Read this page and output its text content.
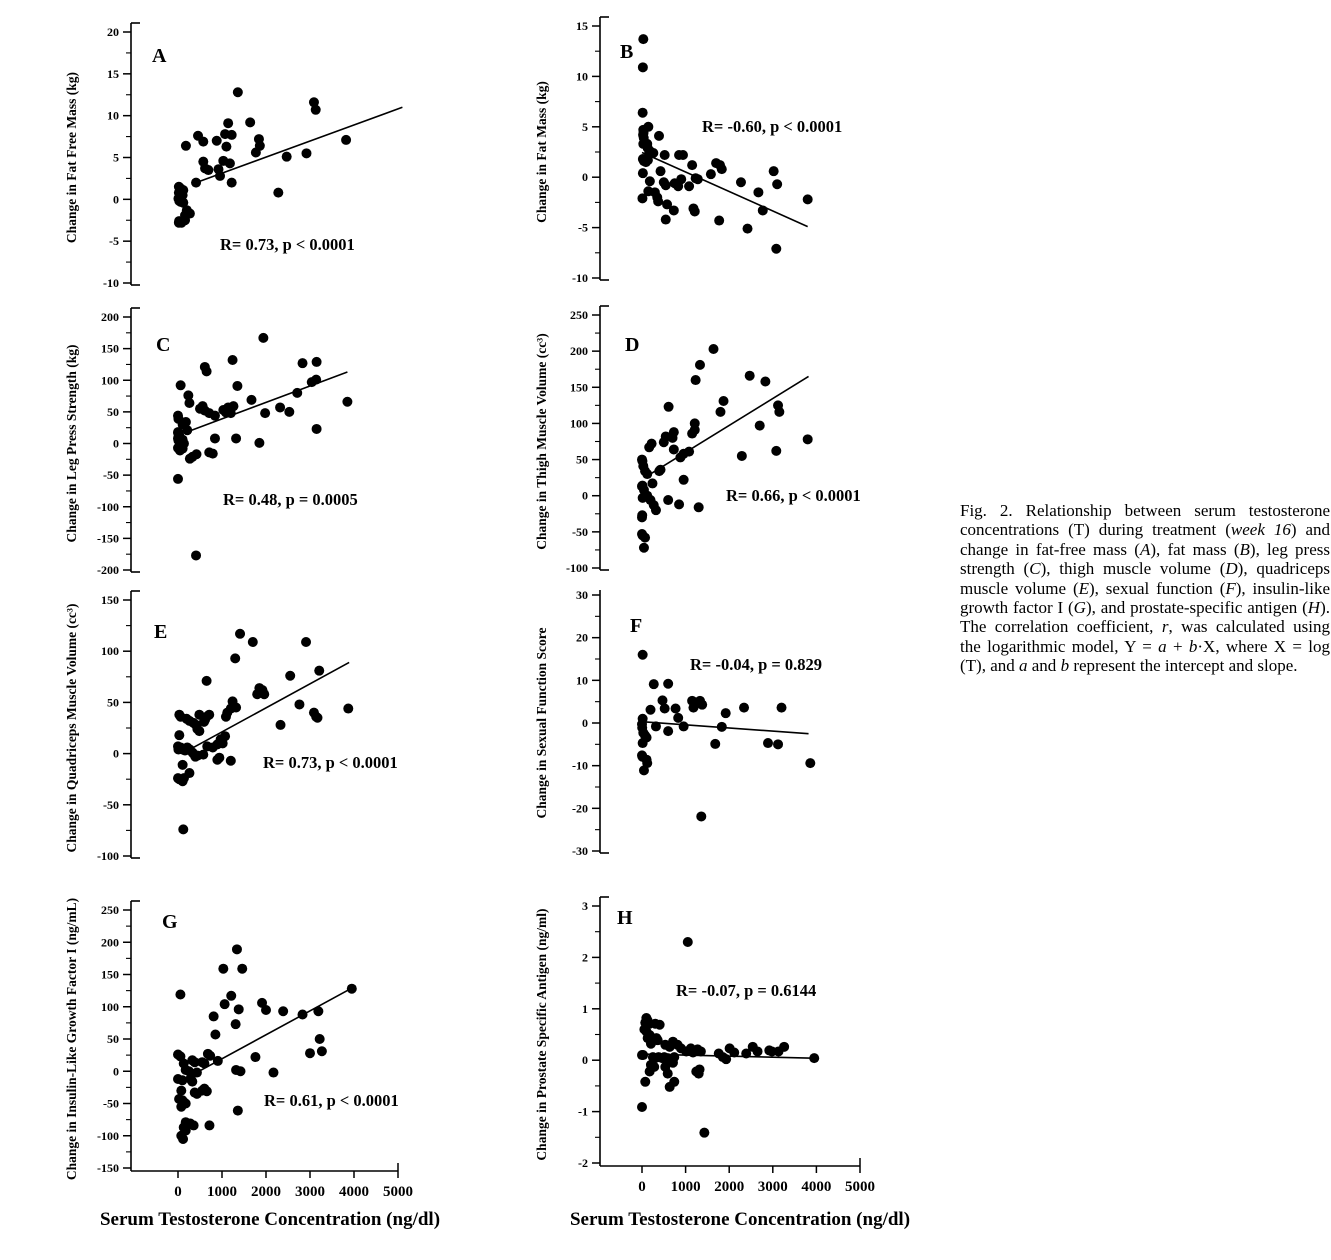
20
15
10
5
0
-5
-10
A
R= 0.73, p < 0.0001
Change in Fat Free Mass (kg)
15
10
5
0
-5
-10
B
R= -0.60, p < 0.0001
Change in Fat Mass (kg)
200
150
100
50
0
-50
-100
-150
-200
C
R= 0.48, p = 0.0005
Change in Leg Press Strength (kg)
250
200
150
100
50
0
-50
-100
D
R= 0.66, p < 0.0001
Change in Thigh Muscle Volume (cc³)
150
100
50
0
-50
-100
E
R= 0.73, p < 0.0001
Change in Quadriceps Muscle Volume (cc³)
30
20
10
0
-10
-20
-30
F
R= -0.04, p = 0.829
Change in Sexual Function Score
250
200
150
100
50
0
-50
-100
-150
0 1000 2000 3000 4000 5000
G
R= 0.61, p < 0.0001
Change in Insulin-Like Growth Factor I (ng/mL)	3
2
1
0
-1
-2
0 1000 2000 3000 4000 5000
H
R= -0.07, p = 0.6144
Change in Prostate Specific Antigen (ng/ml)
Serum Testosterone Concentration (ng/dl)	Serum Testosterone Concentration (ng/dl)

Fig. 2. Relationship between serum testosterone concentrations (T) during treatment (week 16) and change in fat-free mass (A), fat mass (B), leg press strength (C), thigh muscle volume (D), quadriceps muscle volume (E), sexual function (F), insulin-like growth factor I (G), and prostate-specific antigen (H). The correlation coefficient, r, was calculated using the logarithmic model, Y = a + b·X, where X = log (T), and a and b represent the intercept and slope.
